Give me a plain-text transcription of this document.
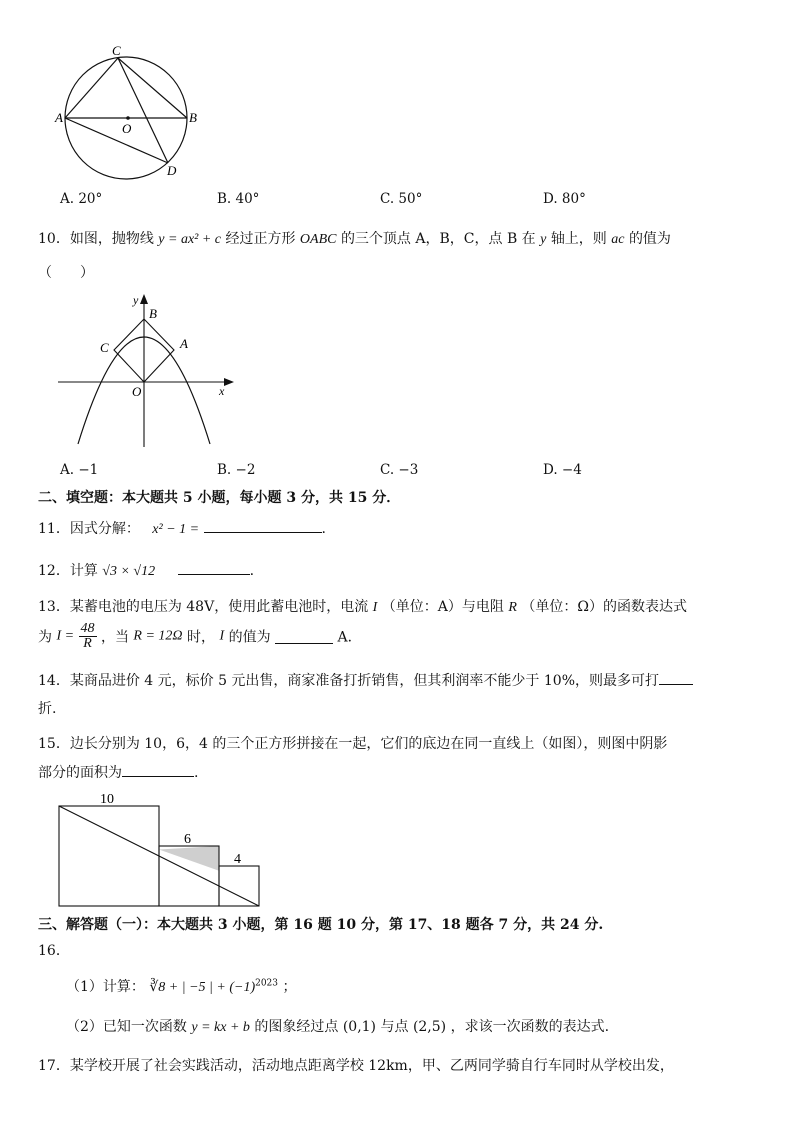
C
A	B
O
D
A. 20°	B. 40°	C. 50°	D. 80°
10．如图，抛物线 y = ax² + c 经过正方形 OABC 的三个顶点 A，B，C，点 B 在 y 轴上，则 ac 的值为
（　　）
y
B
C	A
O	x
A. −1	B. −2	C. −3	D. −4
二、填空题：本大题共 5 小题，每小题 3 分，共 15 分．
11．因式分解： x² − 1 =	.
12．计算 √3 × √12	.
13．某蓄电池的电压为 48V，使用此蓄电池时，电流 I （单位：A）与电阻 R （单位：Ω）的函数表达式
为 $I = \frac{48}{R}$ ，当 R = 12Ω 时， I 的值为	A．
14．某商品进价 4 元，标价 5 元出售，商家准备打折销售，但其利润率不能少于 10%，则最多可打
折.
15．边长分别为 10，6，4 的三个正方形拼接在一起，它们的底边在同一直线上（如图），则图中阴影
部分的面积为	.
10
6
4
三、解答题（一）：本大题共 3 小题，第 16 题 10 分，第 17、18 题各 7 分，共 24 分.
16．
（1）计算： ∛8 + | −5 | + $(-1)^{2023}$ ；
（2）已知一次函数 y = kx + b 的图象经过点 (0,1) 与点 (2,5) ，求该一次函数的表达式.
17．某学校开展了社会实践活动，活动地点距离学校 12km，甲、乙两同学骑自行车同时从学校出发，
